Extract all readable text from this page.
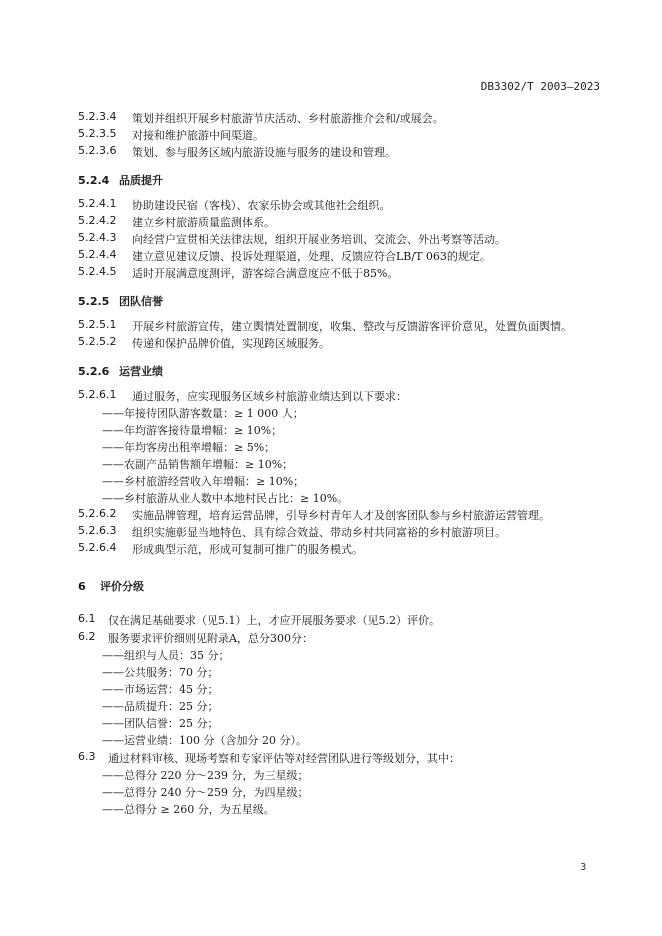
DB3302/T 2003—2023
5.2.3.4 策划并组织开展乡村旅游节庆活动、乡村旅游推介会和/或展会。
5.2.3.5 对接和维护旅游中间渠道。
5.2.3.6 策划、参与服务区域内旅游设施与服务的建设和管理。
5.2.4 品质提升
5.2.4.1 协助建设民宿（客栈）、农家乐协会或其他社会组织。
5.2.4.2 建立乡村旅游质量监测体系。
5.2.4.3 向经营户宣贯相关法律法规，组织开展业务培训、交流会、外出考察等活动。
5.2.4.4 建立意见建议反馈、投诉处理渠道，处理、反馈应符合LB/T 063的规定。
5.2.4.5 适时开展满意度测评，游客综合满意度应不低于85%。
5.2.5 团队信誉
5.2.5.1 开展乡村旅游宣传，建立舆情处置制度，收集、整改与反馈游客评价意见，处置负面舆情。
5.2.5.2 传递和保护品牌价值，实现跨区域服务。
5.2.6 运营业绩
5.2.6.1 通过服务，应实现服务区域乡村旅游业绩达到以下要求：
——年接待团队游客数量：≥ 1 000 人；
——年均游客接待量增幅：≥ 10%；
——年均客房出租率增幅：≥ 5%；
——农副产品销售额年增幅：≥ 10%；
——乡村旅游经营收入年增幅：≥ 10%；
——乡村旅游从业人数中本地村民占比：≥ 10%。
5.2.6.2 实施品牌管理，培育运营品牌，引导乡村青年人才及创客团队参与乡村旅游运营管理。
5.2.6.3 组织实施彰显当地特色、具有综合效益、带动乡村共同富裕的乡村旅游项目。
5.2.6.4 形成典型示范，形成可复制可推广的服务模式。
6 评价分级
6.1 仅在满足基础要求（见5.1）上，才应开展服务要求（见5.2）评价。
6.2 服务要求评价细则见附录A，总分300分：
——组织与人员：35 分；
——公共服务：70 分；
——市场运营：45 分；
——品质提升：25 分；
——团队信誉：25 分；
——运营业绩：100 分（含加分 20 分）。
6.3 通过材料审核、现场考察和专家评估等对经营团队进行等级划分，其中：
——总得分 220 分～239 分，为三星级；
——总得分 240 分～259 分，为四星级；
——总得分 ≥ 260 分，为五星级。
3
